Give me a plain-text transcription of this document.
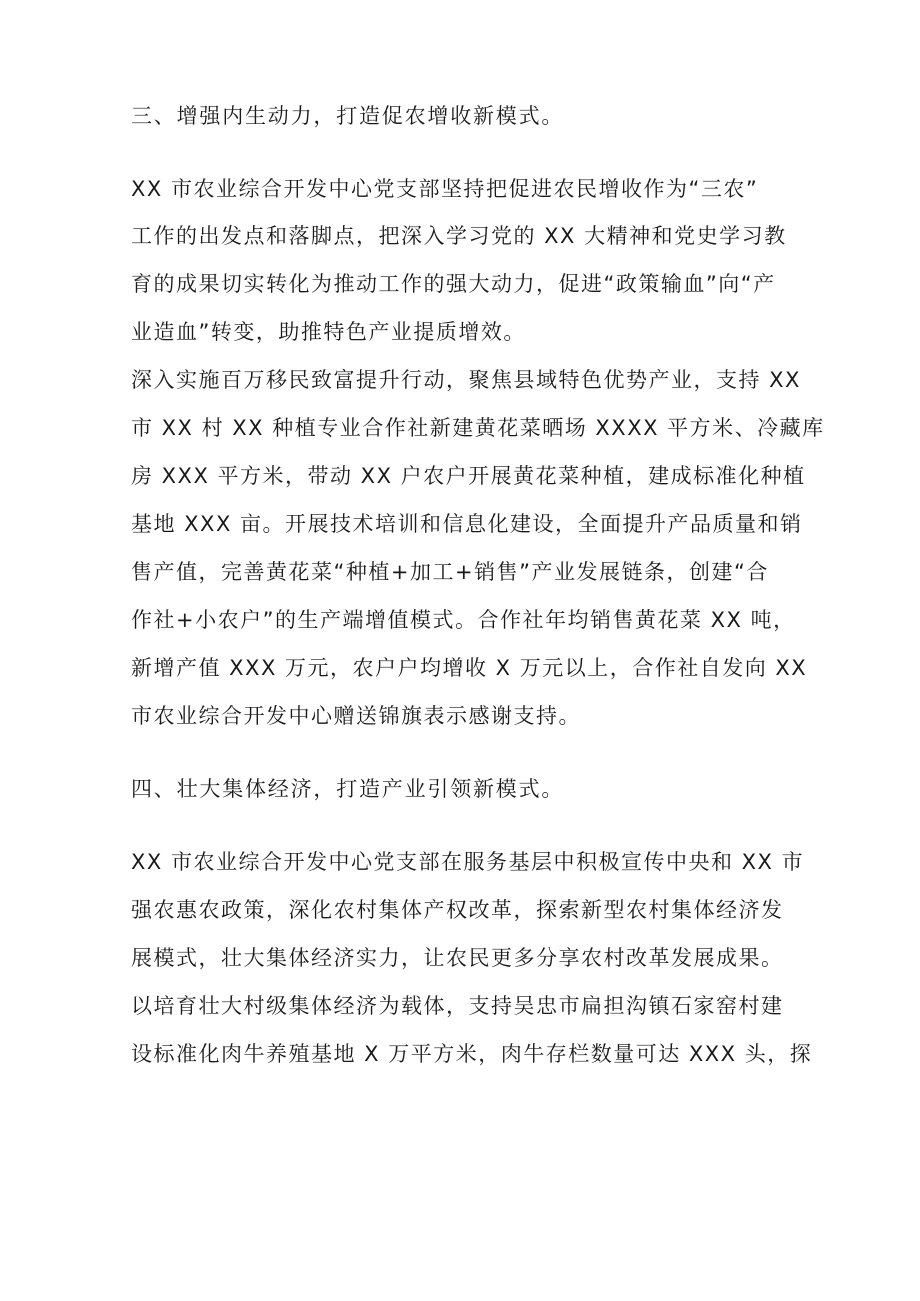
三、增强内生动力，打造促农增收新模式。
XX 市农业综合开发中心党支部坚持把促进农民增收作为“三农”
工作的出发点和落脚点，把深入学习党的 XX 大精神和党史学习教
育的成果切实转化为推动工作的强大动力，促进“政策输血”向“产
业造血”转变，助推特色产业提质增效。
深入实施百万移民致富提升行动，聚焦县域特色优势产业，支持 XX
市 XX 村 XX 种植专业合作社新建黄花菜晒场 XXXX 平方米、冷藏库
房 XXX 平方米，带动 XX 户农户开展黄花菜种植，建成标准化种植
基地 XXX 亩。开展技术培训和信息化建设，全面提升产品质量和销
售产值，完善黄花菜“种植+加工+销售”产业发展链条，创建“合
作社+小农户”的生产端增值模式。合作社年均销售黄花菜 XX 吨，
新增产值 XXX 万元，农户户均增收 X 万元以上，合作社自发向 XX
市农业综合开发中心赠送锦旗表示感谢支持。
四、壮大集体经济，打造产业引领新模式。
XX 市农业综合开发中心党支部在服务基层中积极宣传中央和 XX 市
强农惠农政策，深化农村集体产权改革，探索新型农村集体经济发
展模式，壮大集体经济实力，让农民更多分享农村改革发展成果。
以培育壮大村级集体经济为载体，支持吴忠市扁担沟镇石家窑村建
设标准化肉牛养殖基地 X 万平方米，肉牛存栏数量可达 XXX 头，探
